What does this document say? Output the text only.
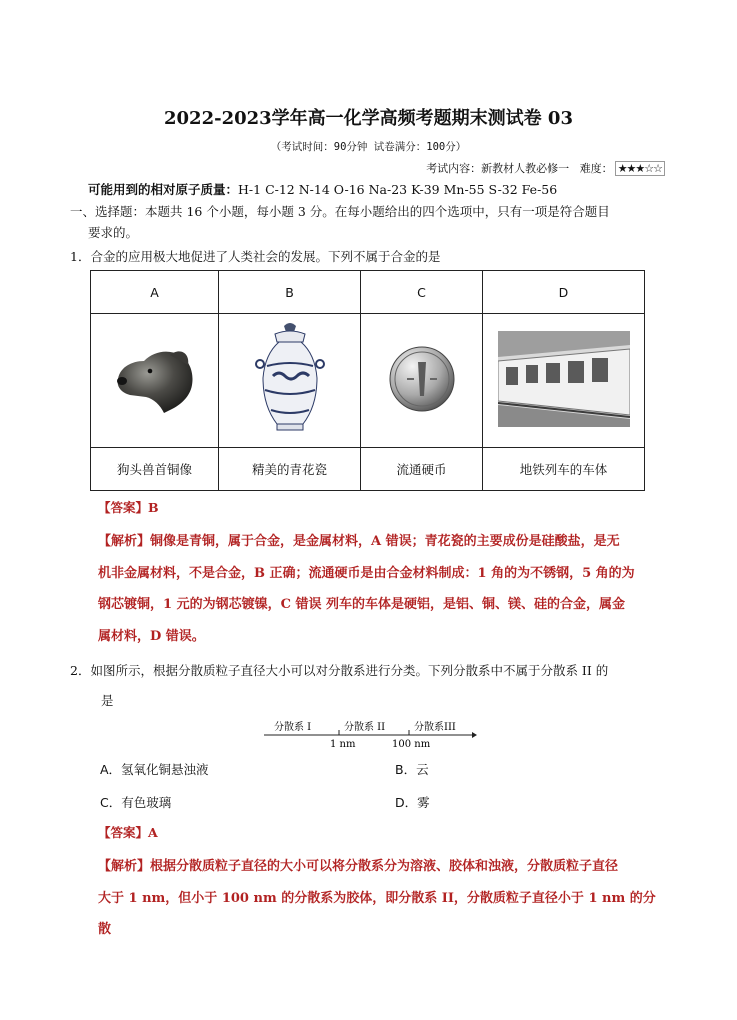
2022-2023学年高一化学高频考题期末测试卷 03
（考试时间：90分钟 试卷满分：100分）
考试内容：新教材人教必修一 难度： ★★★☆☆
可能用到的相对原子质量：H-1 C-12 N-14 O-16 Na-23 K-39 Mn-55 S-32 Fe-56
一、选择题：本题共 16 个小题，每小题 3 分。在每小题给出的四个选项中，只有一项是符合题目
要求的。
1．合金的应用极大地促进了人类社会的发展。下列不属于合金的是
A	B	C	D

狗头兽首铜像	精美的青花瓷	流通硬币	地铁列车的车体
【答案】B
【解析】铜像是青铜，属于合金，是金属材料，A 错误；青花瓷的主要成份是硅酸盐，是无
机非金属材料，不是合金，B 正确；流通硬币是由合金材料制成：1 角的为不锈钢，5 角的为
钢芯镀铜，1 元的为钢芯镀镍，C 错误 列车的车体是硬铝，是铝、铜、镁、硅的合金，属金
属材料，D 错误。
2．如图所示，根据分散质粒子直径大小可以对分散系进行分类。下列分散系中不属于分散系 II 的
是
分散系 I	分散系 II	分散系III
1 nm	100 nm
A．氢氧化铜悬浊液	B．云
C．有色玻璃	D．雾
【答案】A
【解析】根据分散质粒子直径的大小可以将分散系分为溶液、胶体和浊液，分散质粒子直径
大于 1 nm，但小于 100 nm 的分散系为胶体，即分散系 II，分散质粒子直径小于 1 nm 的分散
